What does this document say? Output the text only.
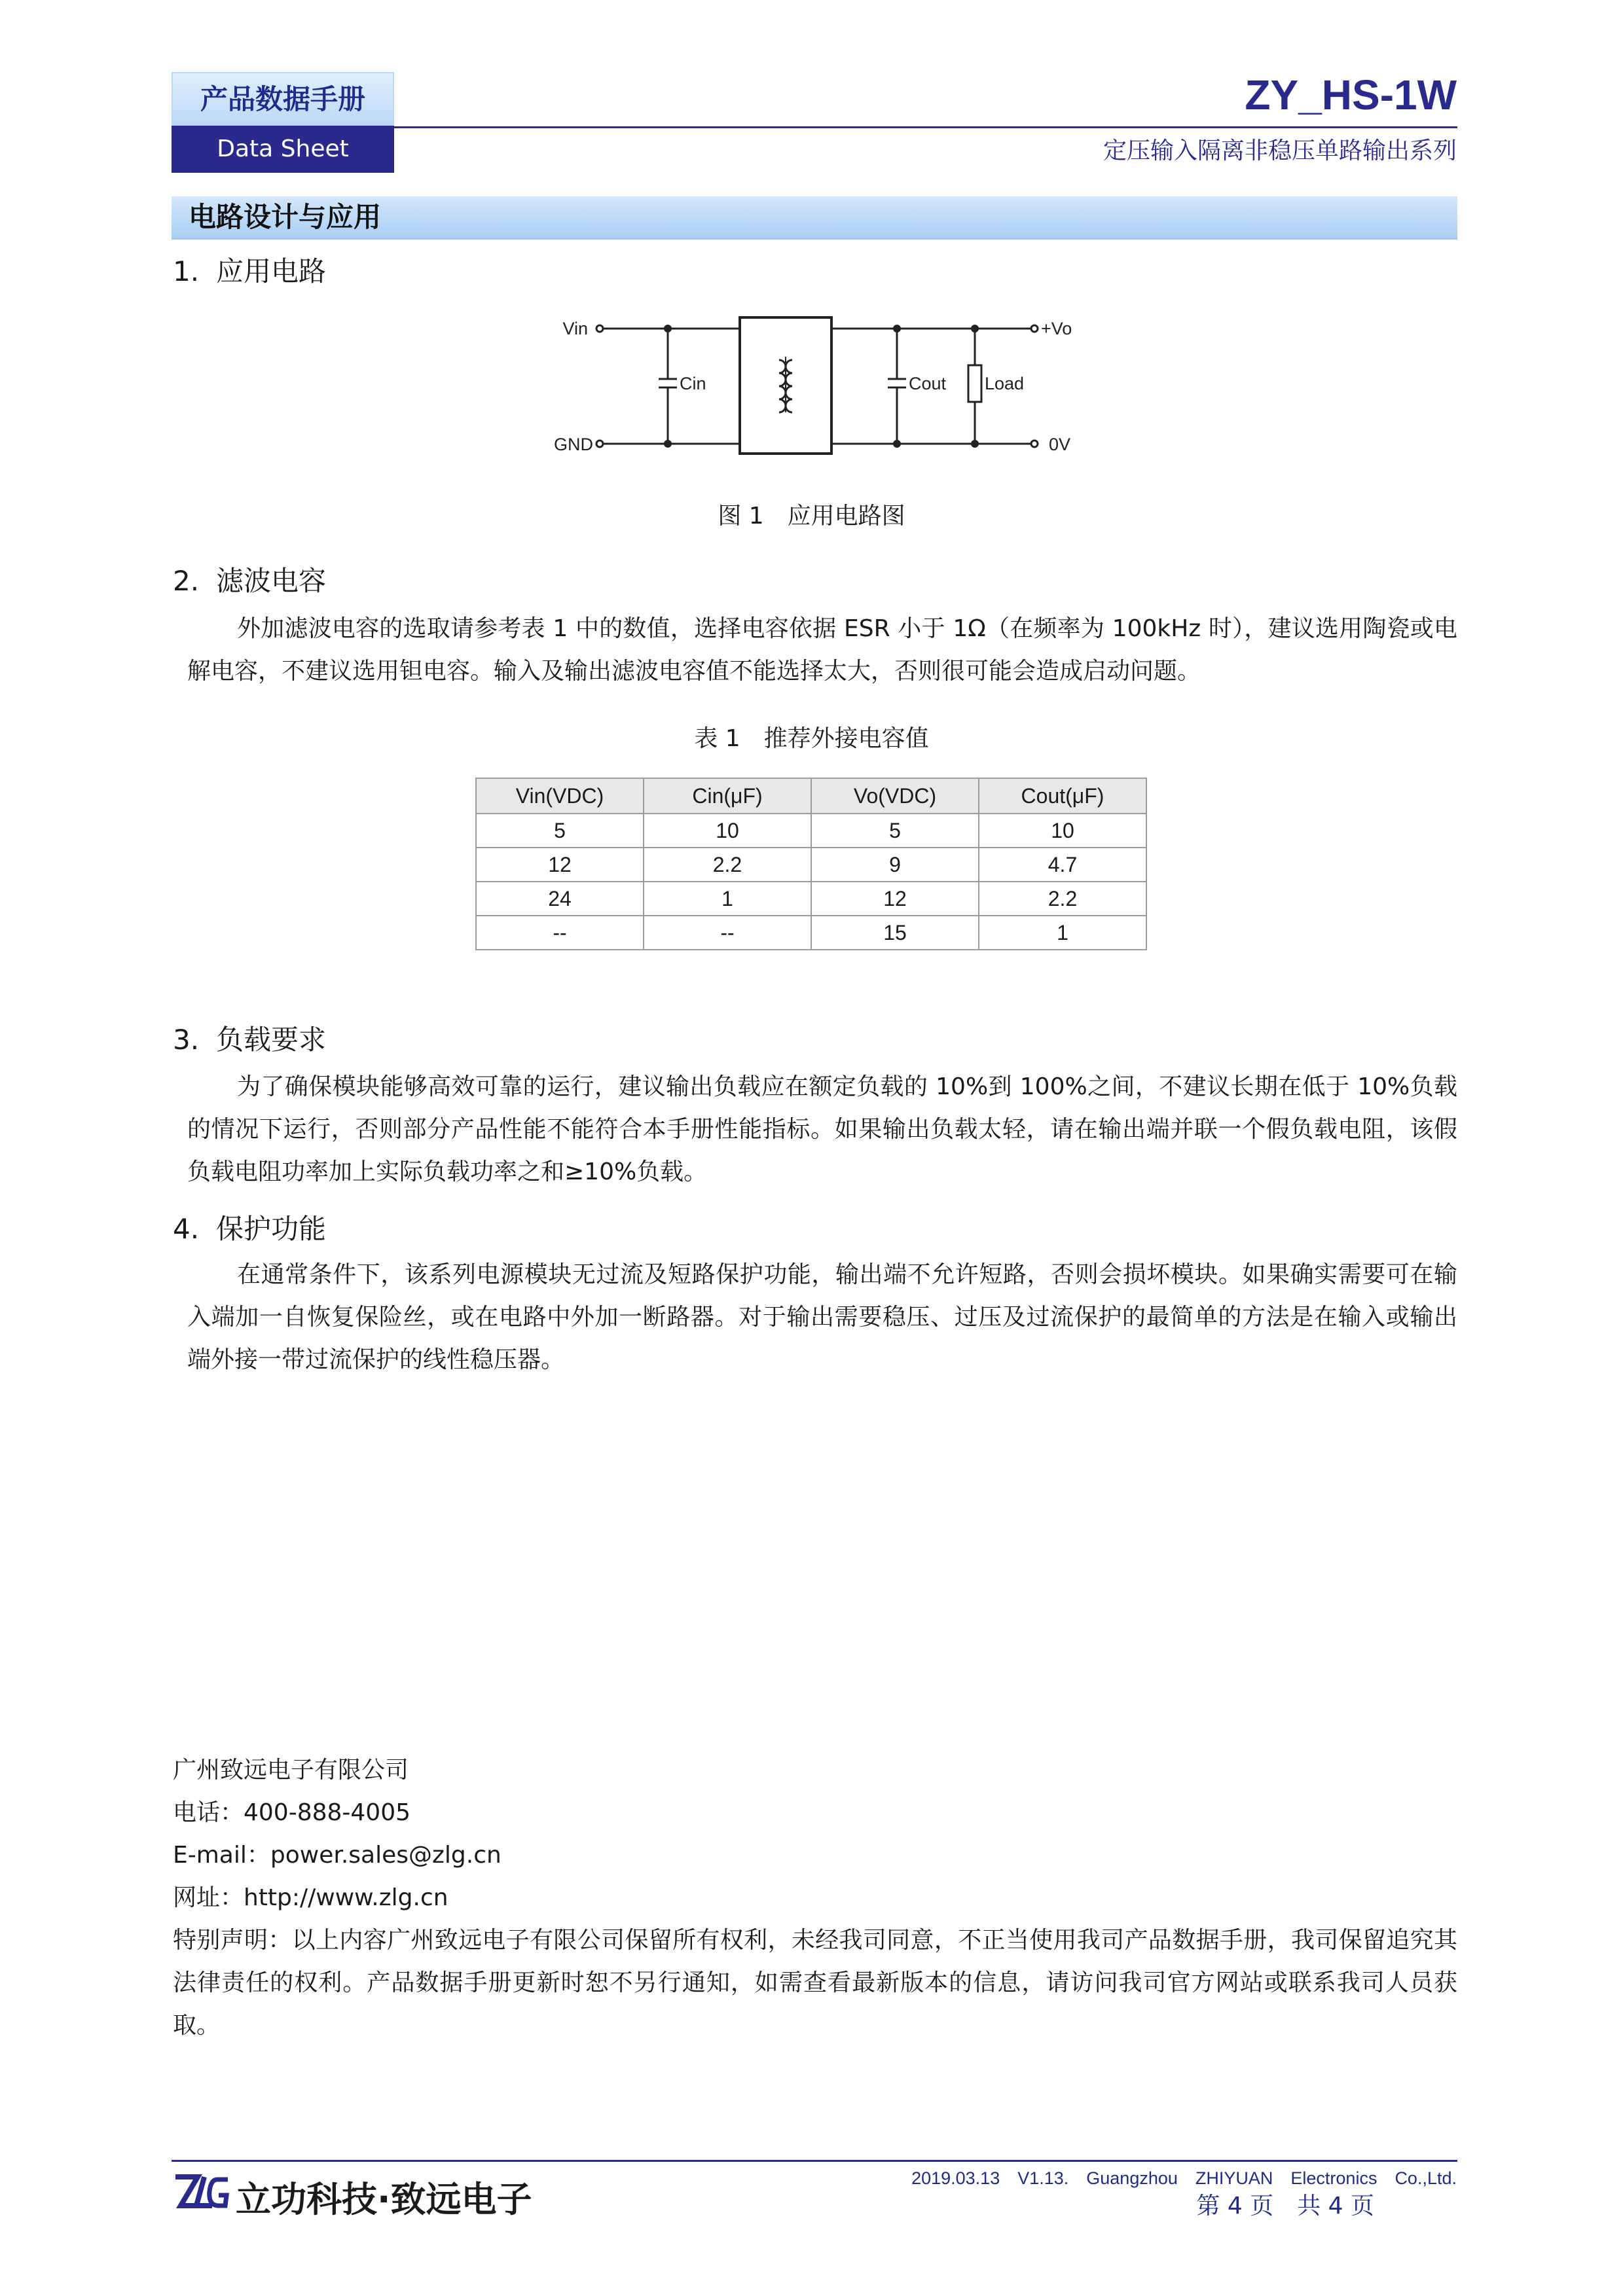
产品数据手册
Data Sheet
ZY_HS-1W
定压输入隔离非稳压单路输出系列
电路设计与应用
1. 应用电路
Vin
GND
Cin	Cout Load
+Vo
0V
图 1　应用电路图
2. 滤波电容
外加滤波电容的选取请参考表 1 中的数值，选择电容依据 ESR 小于 1Ω（在频率为 100kHz 时），建议选用陶瓷或电解电容，不建议选用钽电容。输入及输出滤波电容值不能选择太大，否则很可能会造成启动问题。
表 1　推荐外接电容值
Vin(VDC)	Cin(μF)	Vo(VDC)	Cout(μF)
5	10	5	10
12	2.2	9	4.7
24	1	12	2.2
--	--	15	1
3. 负载要求
为了确保模块能够高效可靠的运行，建议输出负载应在额定负载的 10%到 100%之间，不建议长期在低于 10%负载的情况下运行，否则部分产品性能不能符合本手册性能指标。如果输出负载太轻，请在输出端并联一个假负载电阻，该假负载电阻功率加上实际负载功率之和≥10%负载。
4. 保护功能
在通常条件下，该系列电源模块无过流及短路保护功能，输出端不允许短路，否则会损坏模块。如果确实需要可在输入端加一自恢复保险丝，或在电路中外加一断路器。对于输出需要稳压、过压及过流保护的最简单的方法是在输入或输出端外接一带过流保护的线性稳压器。
广州致远电子有限公司
电话：400-888-4005
E-mail：power.sales@zlg.cn
网址：http://www.zlg.cn
特别声明：以上内容广州致远电子有限公司保留所有权利，未经我司同意，不正当使用我司产品数据手册，我司保留追究其法律责任的权利。产品数据手册更新时恕不另行通知，如需查看最新版本的信息，请访问我司官方网站或联系我司人员获取。
立功科技·致远电子
2019.03.13　V1.13.　Guangzhou　ZHIYUAN　Electronics　Co.,Ltd.
第 4 页　共 4 页
